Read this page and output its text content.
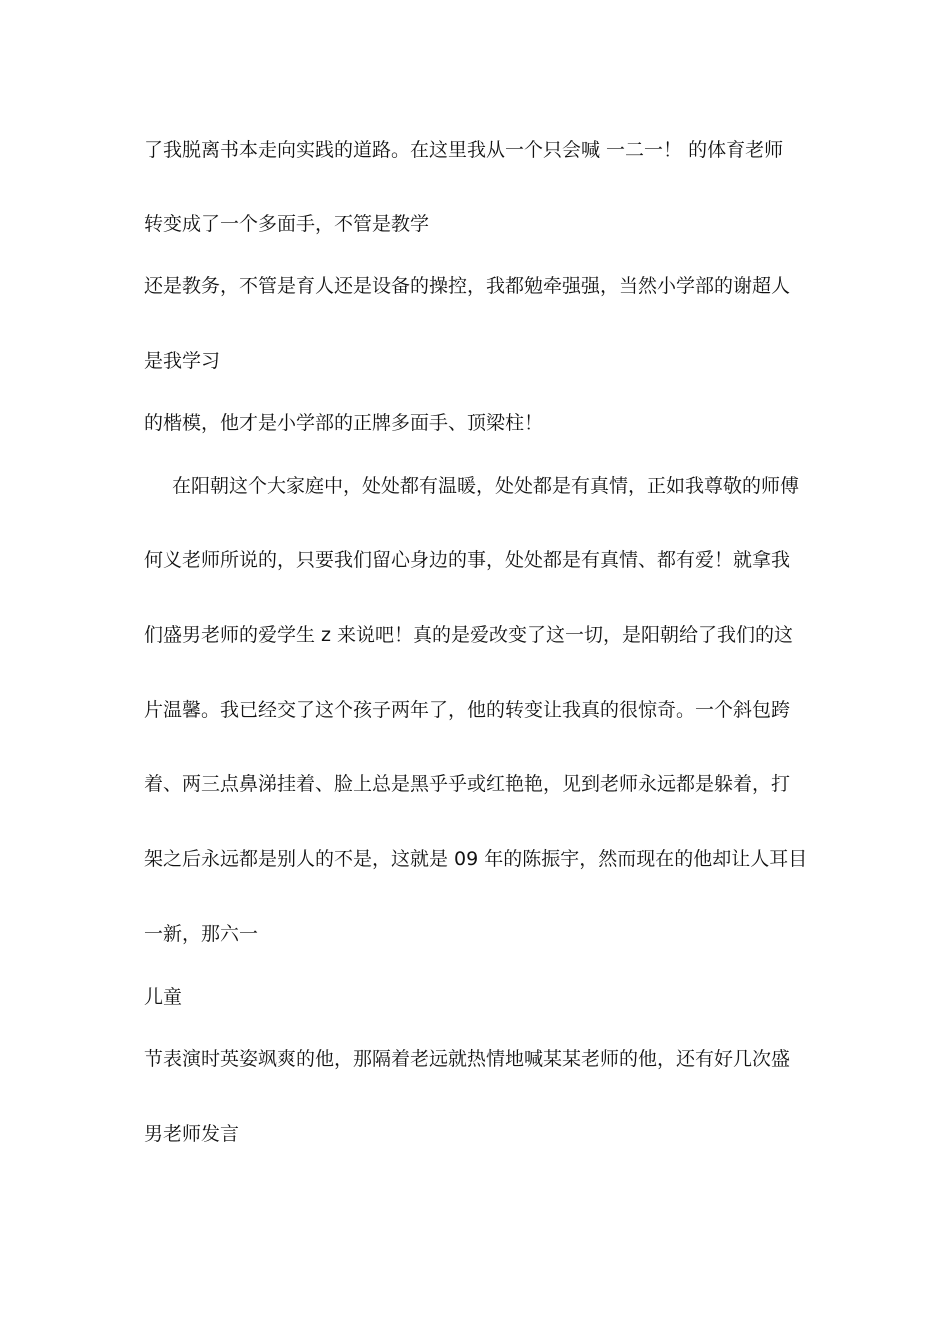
了我脱离书本走向实践的道路。在这里我从一个只会喊 一二一！ 的体育老师
转变成了一个多面手，不管是教学
还是教务，不管是育人还是设备的操控，我都勉牵强强，当然小学部的谢超人
是我学习
的楷模，他才是小学部的正牌多面手、顶梁柱！
在阳朝这个大家庭中，处处都有温暖，处处都是有真情，正如我尊敬的师傅
何义老师所说的，只要我们留心身边的事，处处都是有真情、都有爱！就拿我
们盛男老师的爱学生 z 来说吧！真的是爱改变了这一切，是阳朝给了我们的这
片温馨。我已经交了这个孩子两年了，他的转变让我真的很惊奇。一个斜包跨
着、两三点鼻涕挂着、脸上总是黑乎乎或红艳艳，见到老师永远都是躲着，打
架之后永远都是别人的不是，这就是 09 年的陈振宇，然而现在的他却让人耳目
一新，那六一
儿童
节表演时英姿飒爽的他，那隔着老远就热情地喊某某老师的他，还有好几次盛
男老师发言
